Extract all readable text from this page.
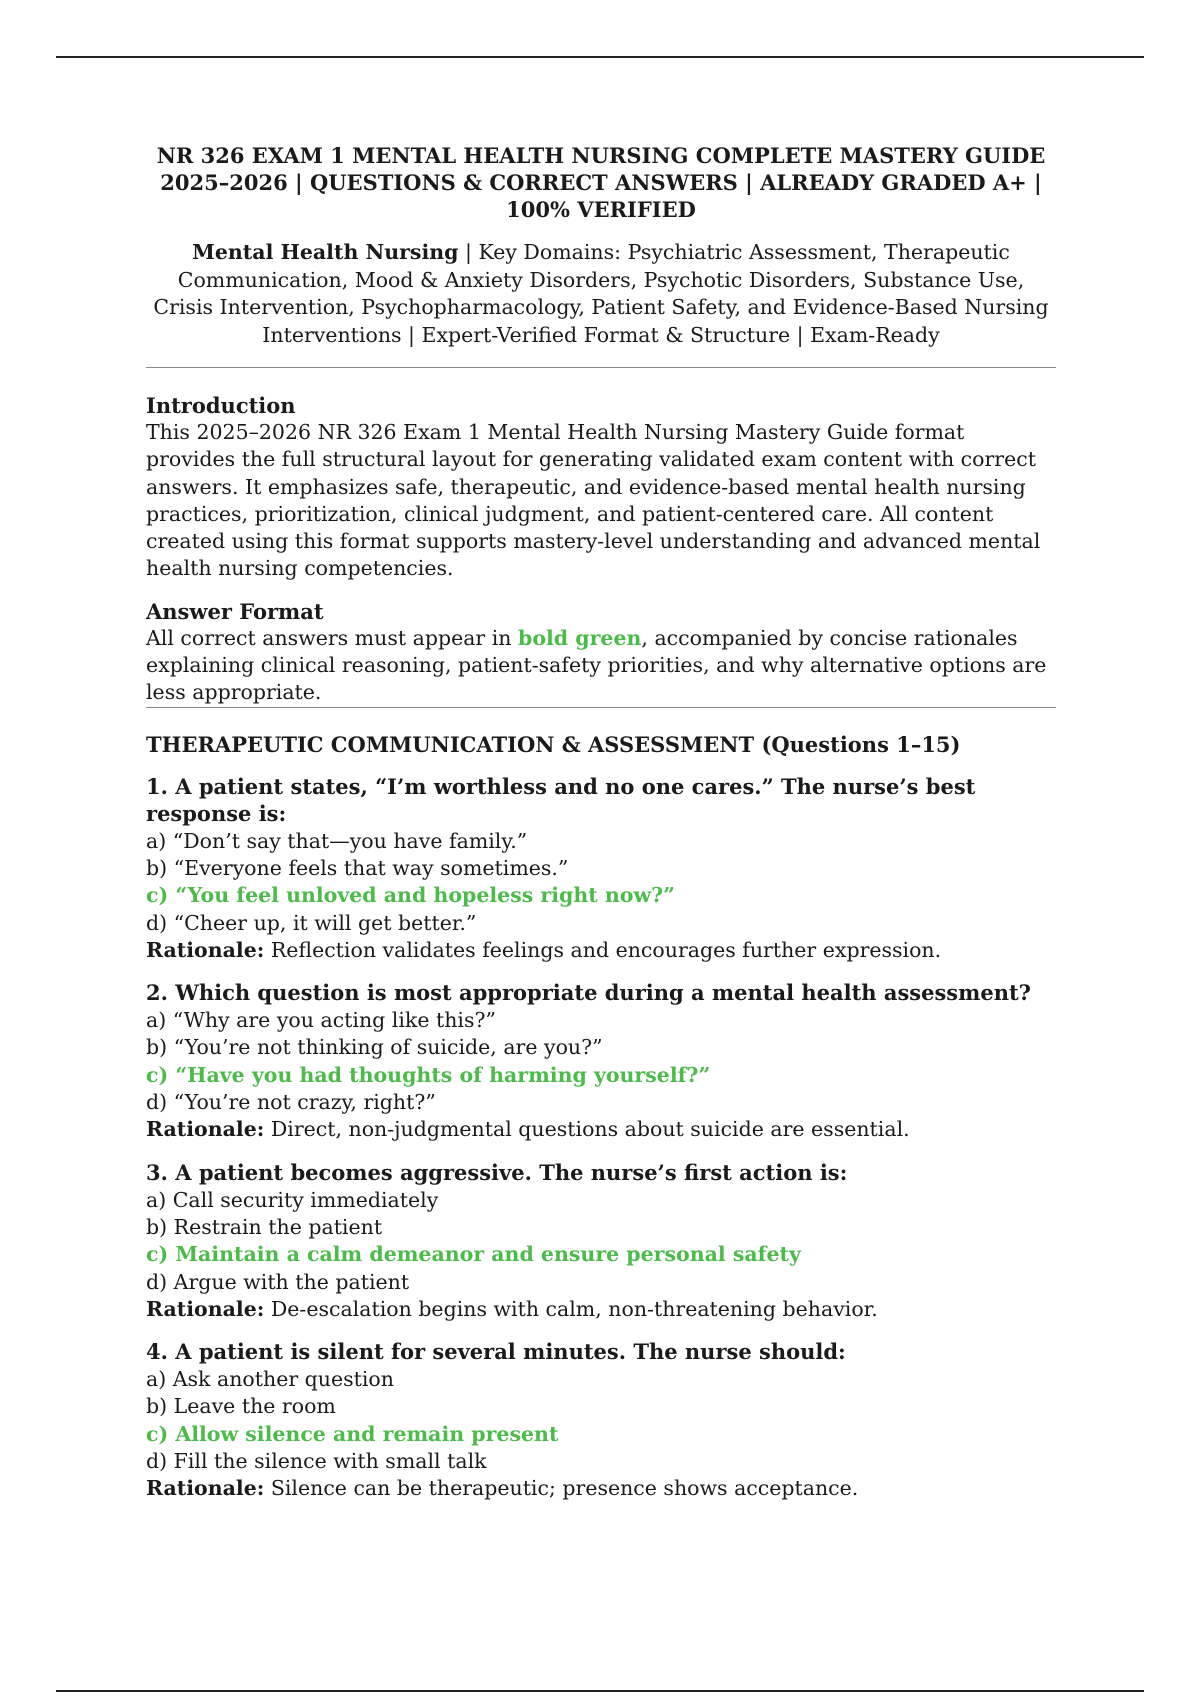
NR 326 EXAM 1 MENTAL HEALTH NURSING COMPLETE MASTERY GUIDE 2025–2026 | QUESTIONS & CORRECT ANSWERS | ALREADY GRADED A+ | 100% VERIFIED

Mental Health Nursing | Key Domains: Psychiatric Assessment, Therapeutic Communication, Mood & Anxiety Disorders, Psychotic Disorders, Substance Use, Crisis Intervention, Psychopharmacology, Patient Safety, and Evidence-Based Nursing Interventions | Expert-Verified Format & Structure | Exam-Ready

Introduction

This 2025–2026 NR 326 Exam 1 Mental Health Nursing Mastery Guide format provides the full structural layout for generating validated exam content with correct answers. It emphasizes safe, therapeutic, and evidence-based mental health nursing practices, prioritization, clinical judgment, and patient-centered care. All content created using this format supports mastery-level understanding and advanced mental health nursing competencies.

Answer Format

All correct answers must appear in bold green, accompanied by concise rationales explaining clinical reasoning, patient-safety priorities, and why alternative options are less appropriate.

THERAPEUTIC COMMUNICATION & ASSESSMENT (Questions 1–15)

1. A patient states, “I’m worthless and no one cares.” The nurse’s best response is:

a) “Don’t say that—you have family.”

b) “Everyone feels that way sometimes.”

c) “You feel unloved and hopeless right now?”

d) “Cheer up, it will get better.”

Rationale: Reflection validates feelings and encourages further expression.

2. Which question is most appropriate during a mental health assessment?

a) “Why are you acting like this?”

b) “You’re not thinking of suicide, are you?”

c) “Have you had thoughts of harming yourself?”

d) “You’re not crazy, right?”

Rationale: Direct, non-judgmental questions about suicide are essential.

3. A patient becomes aggressive. The nurse’s first action is:

a) Call security immediately

b) Restrain the patient

c) Maintain a calm demeanor and ensure personal safety

d) Argue with the patient

Rationale: De-escalation begins with calm, non-threatening behavior.

4. A patient is silent for several minutes. The nurse should:

a) Ask another question

b) Leave the room

c) Allow silence and remain present

d) Fill the silence with small talk

Rationale: Silence can be therapeutic; presence shows acceptance.
